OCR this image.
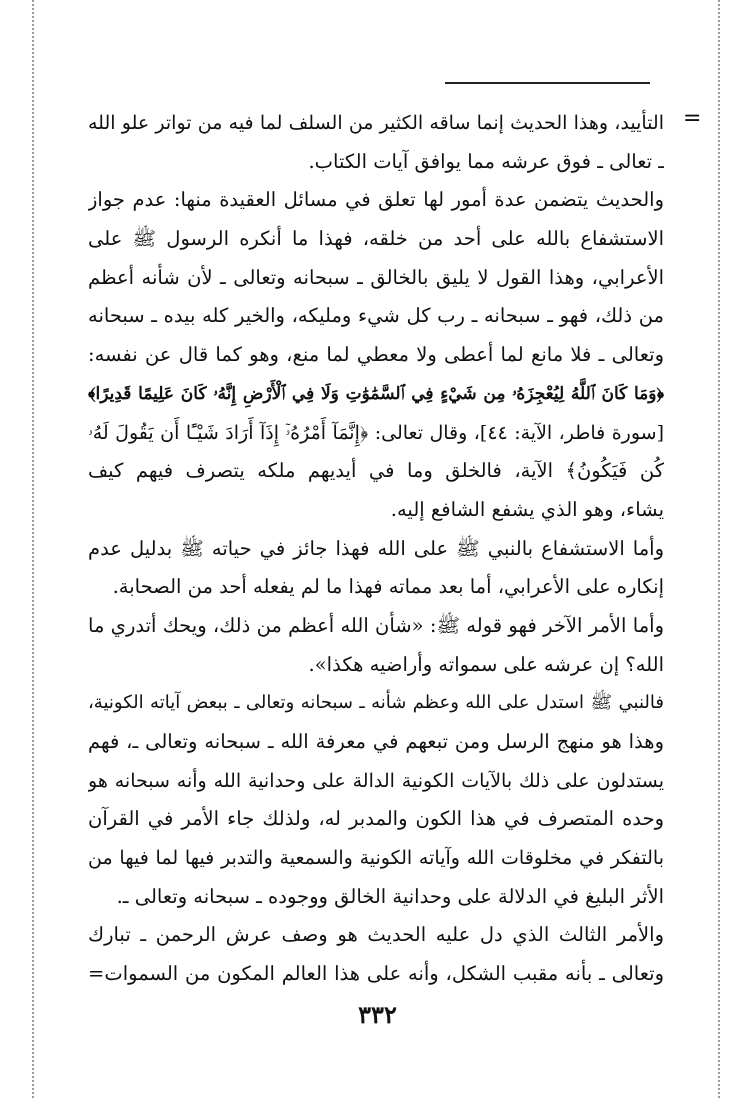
=
التأييد، وهذا الحديث إنما ساقه الكثير من السلف لما فيه من تواتر علو الله
ـ تعالى ـ فوق عرشه مما يوافق آيات الكتاب.
والحديث يتضمن عدة أمور لها تعلق في مسائل العقيدة منها: عدم جواز
الاستشفاع بالله على أحد من خلقه، فهذا ما أنكره الرسول ﷺ على
الأعرابي، وهذا القول لا يليق بالخالق ـ سبحانه وتعالى ـ لأن شأنه أعظم
من ذلك، فهو ـ سبحانه ـ رب كل شيء ومليكه، والخير كله بيده ـ سبحانه
وتعالى ـ فلا مانع لما أعطى ولا معطي لما منع، وهو كما قال عن نفسه:
﴿وَمَا كَانَ ٱللَّهُ لِيُعْجِزَهُۥ مِن شَيْءٍ فِي ٱلسَّمَٰوَٰتِ وَلَا فِي ٱلْأَرْضِ إِنَّهُۥ كَانَ عَلِيمًا قَدِيرًا﴾
[سورة فاطر، الآية: ٤٤]، وقال تعالى: ﴿إِنَّمَآ أَمْرُهُۥٓ إِذَآ أَرَادَ شَيْـًٔا أَن يَقُولَ لَهُۥ
كُن فَيَكُونُ﴾ الآية، فالخلق وما في أيديهم ملكه يتصرف فيهم كيف
يشاء، وهو الذي يشفع الشافع إليه.
وأما الاستشفاع بالنبي ﷺ على الله فهذا جائز في حياته ﷺ بدليل عدم
إنكاره على الأعرابي، أما بعد مماته فهذا ما لم يفعله أحد من الصحابة.
وأما الأمر الآخر فهو قوله ﷺ: «شأن الله أعظم من ذلك، ويحك أتدري ما
الله؟ إن عرشه على سمواته وأراضيه هكذا».
فالنبي ﷺ استدل على الله وعظم شأنه ـ سبحانه وتعالى ـ ببعض آياته الكونية،
وهذا هو منهج الرسل ومن تبعهم في معرفة الله ـ سبحانه وتعالى ـ، فهم
يستدلون على ذلك بالآيات الكونية الدالة على وحدانية الله وأنه سبحانه هو
وحده المتصرف في هذا الكون والمدبر له، ولذلك جاء الأمر في القرآن
بالتفكر في مخلوقات الله وآياته الكونية والسمعية والتدبر فيها لما فيها من
الأثر البليغ في الدلالة على وحدانية الخالق ووجوده ـ سبحانه وتعالى ـ.
والأمر الثالث الذي دل عليه الحديث هو وصف عرش الرحمن ـ تبارك
وتعالى ـ بأنه مقبب الشكل، وأنه على هذا العالم المكون من السموات=
٣٣٢
